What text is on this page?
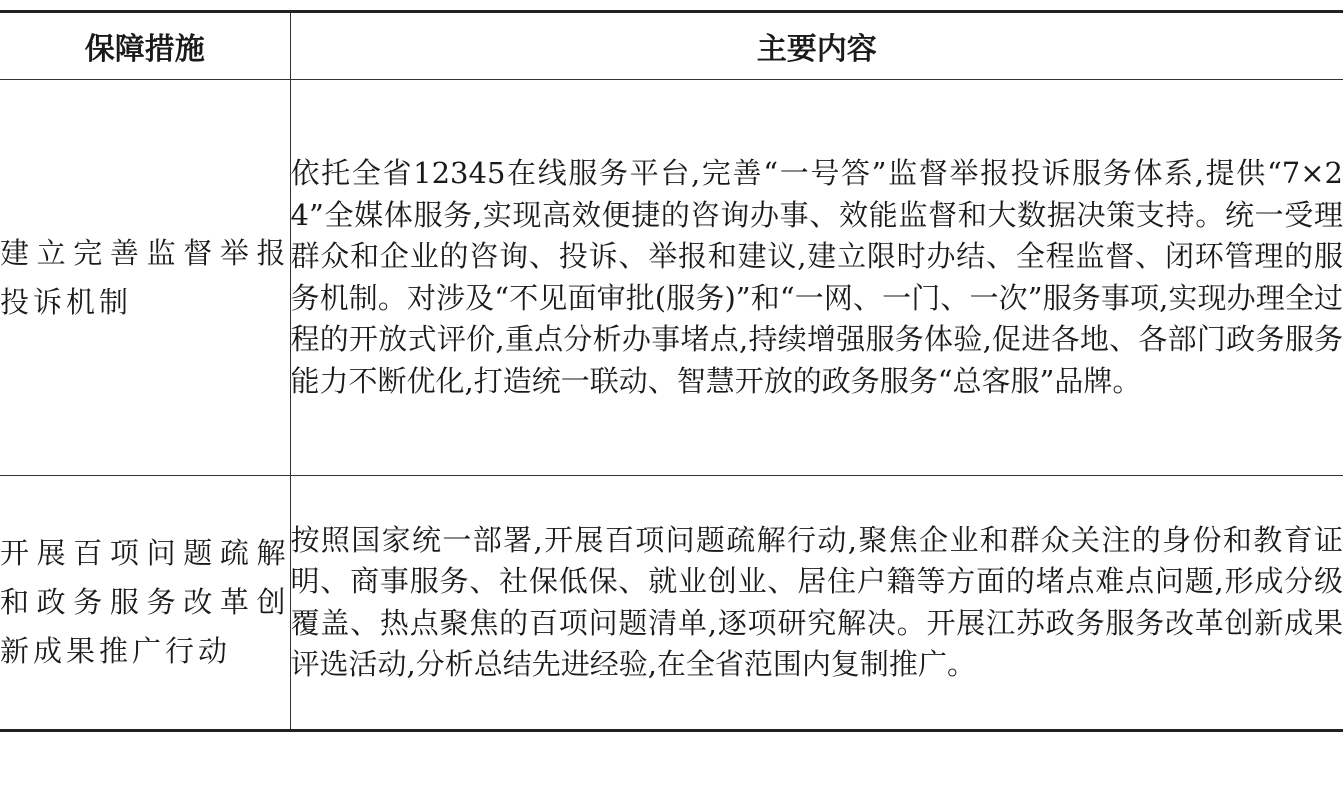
保障措施	主要内容
建立完善监督举报投诉机制	依托全省12345在线服务平台,完善“一号答”监督举报投诉服务体系,提供“7×24”全媒体服务,实现高效便捷的咨询办事、效能监督和大数据决策支持。统一受理群众和企业的咨询、投诉、举报和建议,建立限时办结、全程监督、闭环管理的服务机制。对涉及“不见面审批(服务)”和“一网、一门、一次”服务事项,实现办理全过程的开放式评价,重点分析办事堵点,持续增强服务体验,促进各地、各部门政务服务能力不断优化,打造统一联动、智慧开放的政务服务“总客服”品牌。
开展百项问题疏解和政务服务改革创新成果推广行动	按照国家统一部署,开展百项问题疏解行动,聚焦企业和群众关注的身份和教育证明、商事服务、社保低保、就业创业、居住户籍等方面的堵点难点问题,形成分级覆盖、热点聚焦的百项问题清单,逐项研究解决。开展江苏政务服务改革创新成果评选活动,分析总结先进经验,在全省范围内复制推广。
